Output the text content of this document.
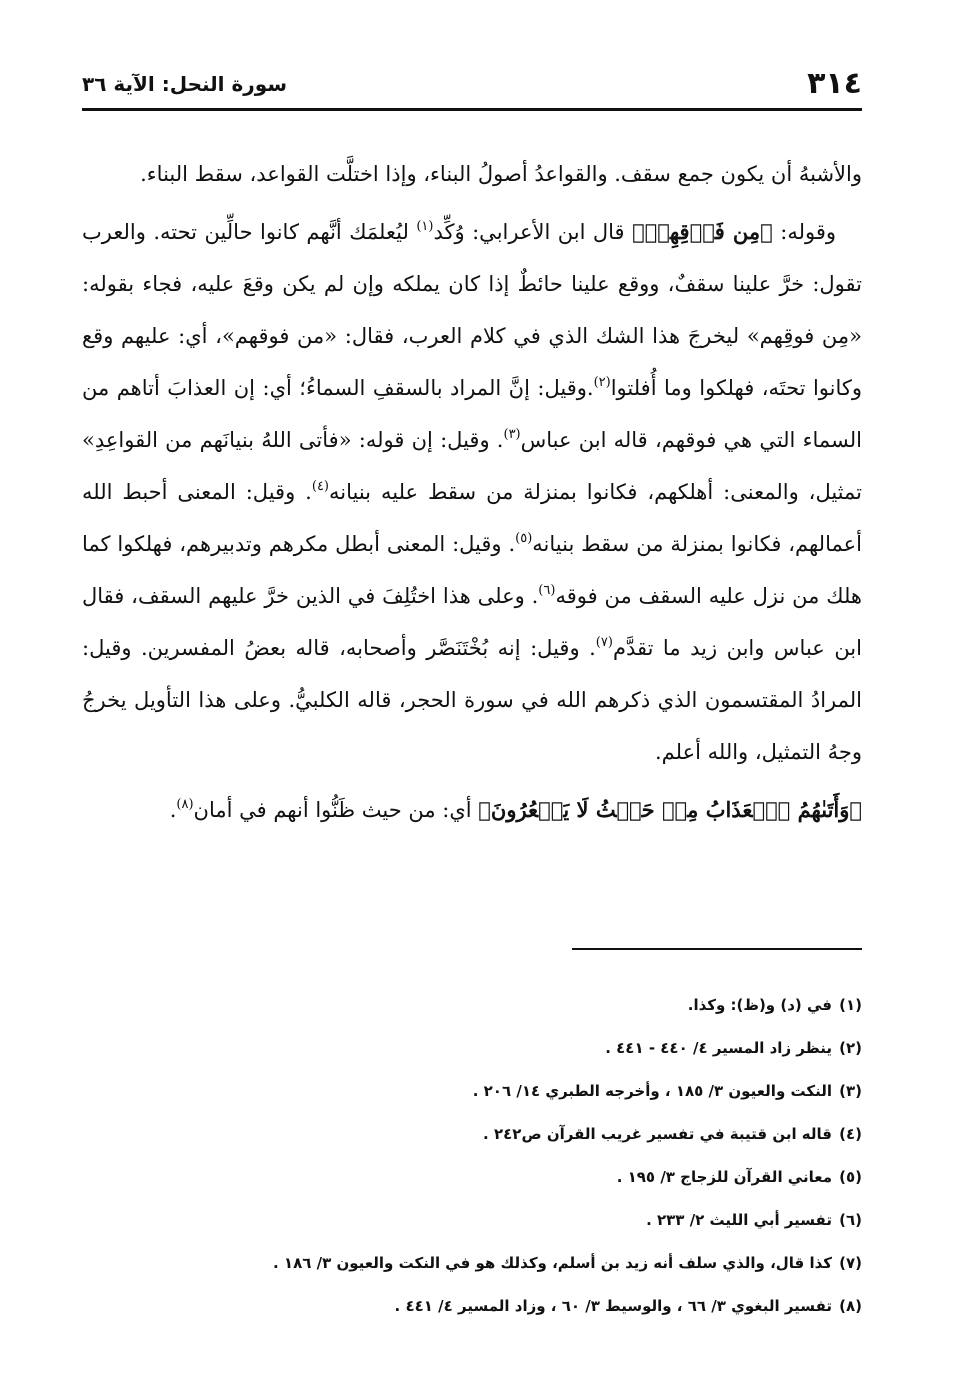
٣١٤
سورة النحل: الآية ٣٦

والأشبهُ أن يكون جمع سقف. والقواعدُ أصولُ البناء، وإذا اختلَّت القواعد، سقط البناء.

وقوله: ﴿مِن فَوۡقِهِمۡ﴾ قال ابن الأعرابي: وُكِّد$^{(١)}$ ليُعلمَك أنَّهم كانوا حالِّين تحته. والعرب تقول: خرَّ علينا سقفٌ، ووقع علينا حائطٌ إذا كان يملكه وإن لم يكن وقعَ عليه، فجاء بقوله: «مِن فوقِهم» ليخرجَ هذا الشك الذي في كلام العرب، فقال: «من فوقهم»، أي: عليهم وقع وكانوا تحتَه، فهلكوا وما أُفلتوا$^{(٢)}$.وقيل: إنَّ المراد بالسقفِ السماءُ؛ أي: إن العذابَ أتاهم من السماء التي هي فوقهم، قاله ابن عباس$^{(٣)}$. وقيل: إن قوله: «فأتى اللهُ بنيانَهم من القواعِدِ» تمثيل، والمعنى: أهلكهم، فكانوا بمنزلة من سقط عليه بنيانه$^{(٤)}$. وقيل: المعنى أحبط الله أعمالهم، فكانوا بمنزلة من سقط بنيانه$^{(٥)}$. وقيل: المعنى أبطل مكرهم وتدبيرهم، فهلكوا كما هلك من نزل عليه السقف من فوقه$^{(٦)}$. وعلى هذا اختُلِفَ في الذين خرَّ عليهم السقف، فقال ابن عباس وابن زيد ما تقدَّم$^{(٧)}$. وقيل: إنه بُخْتَنَصَّر وأصحابه، قاله بعضُ المفسرين. وقيل: المرادُ المقتسمون الذي ذكرهم الله في سورة الحجر، قاله الكلبيُّ. وعلى هذا التأويل يخرجُ وجهُ التمثيل، والله أعلم.

﴿وَأَتَىٰهُمُ ٱلۡعَذَابُ مِنۡ حَيۡثُ لَا يَشۡعُرُونَ﴾ أي: من حيث ظَنُّوا أنهم في أمان$^{(٨)}$.

(١)
في (د) و(ظ): وكذا.
(٢)
ينظر زاد المسير ٤/ ٤٤٠ - ٤٤١ .
(٣)
النكت والعيون ٣/ ١٨٥ ، وأخرجه الطبري ١٤/ ٢٠٦ .
(٤)
قاله ابن قتيبة في تفسير غريب القرآن ص٢٤٢ .
(٥)
معاني القرآن للزجاج ٣/ ١٩٥ .
(٦)
تفسير أبي الليث ٢/ ٢٣٣ .
(٧)
كذا قال، والذي سلف أنه زيد بن أسلم، وكذلك هو في النكت والعيون ٣/ ١٨٦ .
(٨)
تفسير البغوي ٣/ ٦٦ ، والوسيط ٣/ ٦٠ ، وزاد المسير ٤/ ٤٤١ .
